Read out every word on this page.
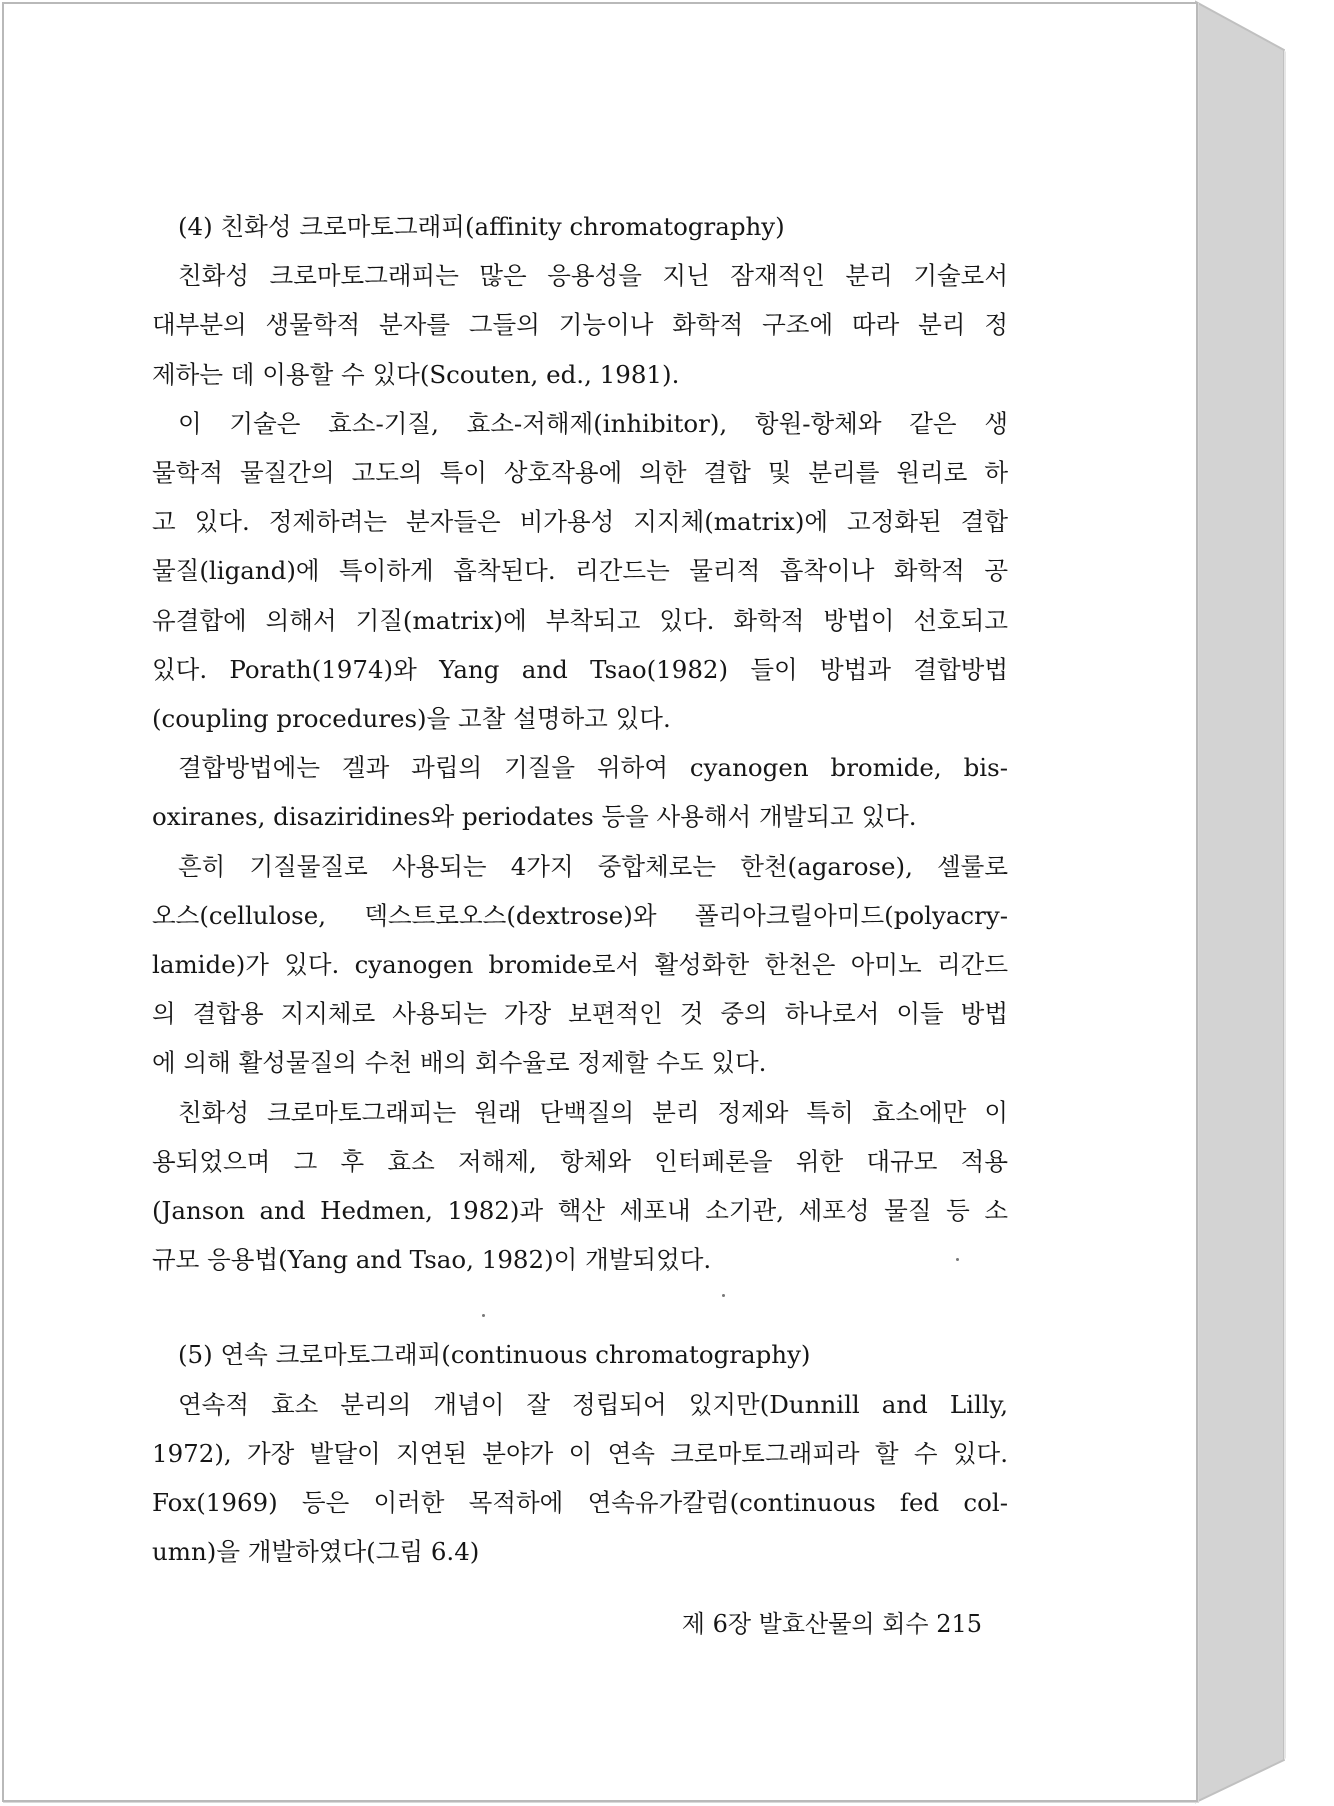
(4) 친화성 크로마토그래피(affinity chromatography)
친화성 크로마토그래피는 많은 응용성을 지닌 잠재적인 분리 기술로서
대부분의 생물학적 분자를 그들의 기능이나 화학적 구조에 따라 분리 정
제하는 데 이용할 수 있다(Scouten, ed., 1981).
이 기술은 효소-기질, 효소-저해제(inhibitor), 항원-항체와 같은 생
물학적 물질간의 고도의 특이 상호작용에 의한 결합 및 분리를 원리로 하
고 있다. 정제하려는 분자들은 비가용성 지지체(matrix)에 고정화된 결합
물질(ligand)에 특이하게 흡착된다. 리간드는 물리적 흡착이나 화학적 공
유결합에 의해서 기질(matrix)에 부착되고 있다. 화학적 방법이 선호되고
있다. Porath(1974)와 Yang and Tsao(1982) 들이 방법과 결합방법
(coupling procedures)을 고찰 설명하고 있다.
결합방법에는 겔과 과립의 기질을 위하여 cyanogen bromide, bis-
oxiranes, disaziridines와 periodates 등을 사용해서 개발되고 있다.
흔히 기질물질로 사용되는 4가지 중합체로는 한천(agarose), 셀룰로
오스(cellulose, 덱스트로오스(dextrose)와 폴리아크릴아미드(polyacry-
lamide)가 있다. cyanogen bromide로서 활성화한 한천은 아미노 리간드
의 결합용 지지체로 사용되는 가장 보편적인 것 중의 하나로서 이들 방법
에 의해 활성물질의 수천 배의 회수율로 정제할 수도 있다.
친화성 크로마토그래피는 원래 단백질의 분리 정제와 특히 효소에만 이
용되었으며 그 후 효소 저해제, 항체와 인터페론을 위한 대규모 적용
(Janson and Hedmen, 1982)과 핵산 세포내 소기관, 세포성 물질 등 소
규모 응용법(Yang and Tsao, 1982)이 개발되었다.
(5) 연속 크로마토그래피(continuous chromatography)
연속적 효소 분리의 개념이 잘 정립되어 있지만(Dunnill and Lilly,
1972), 가장 발달이 지연된 분야가 이 연속 크로마토그래피라 할 수 있다.
Fox(1969) 등은 이러한 목적하에 연속유가칼럼(continuous fed col-
umn)을 개발하였다(그림 6.4)
제 6장 발효산물의 회수 215
